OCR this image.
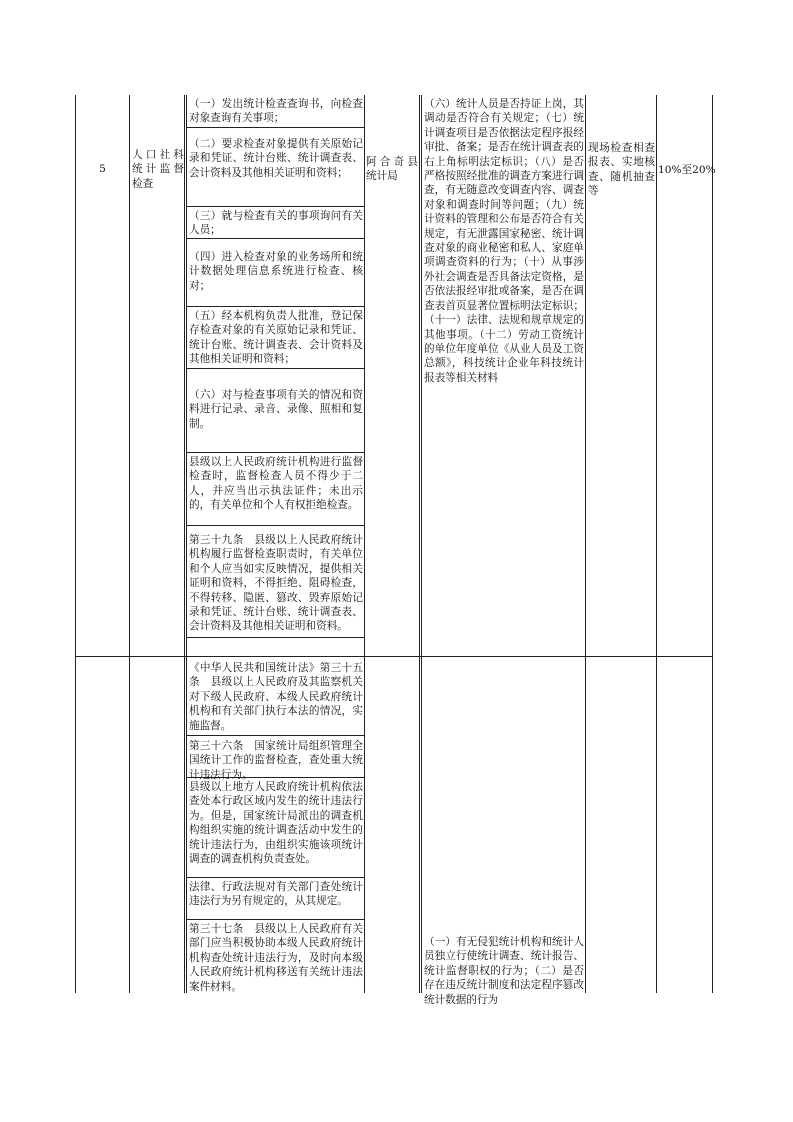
5
人口社科统计监督检查
（一）发出统计检查查询书，向检查对象查询有关事项；
（二）要求检查对象提供有关原始记录和凭证、统计台账、统计调查表、会计资料及其他相关证明和资料；
（三）就与检查有关的事项询问有关人员；
（四）进入检查对象的业务场所和统计数据处理信息系统进行检查、核对；
（五）经本机构负责人批准，登记保存检查对象的有关原始记录和凭证、统计台账、统计调查表、会计资料及其他相关证明和资料；
（六）对与检查事项有关的情况和资料进行记录、录音、录像、照相和复制。
县级以上人民政府统计机构进行监督检查时，监督检查人员不得少于二人，并应当出示执法证件；未出示的，有关单位和个人有权拒绝检查。
第三十九条　县级以上人民政府统计机构履行监督检查职责时，有关单位和个人应当如实反映情况，提供相关证明和资料，不得拒绝、阻碍检查，不得转移、隐匿、篡改、毁弃原始记录和凭证、统计台账、统计调查表、会计资料及其他相关证明和资料。
阿合奇县统计局
（六）统计人员是否持证上岗，其调动是否符合有关规定；（七）统计调查项目是否依据法定程序报经审批、备案；是否在统计调查表的右上角标明法定标识；（八）是否严格按照经批准的调查方案进行调查，有无随意改变调查内容、调查对象和调查时间等问题；（九）统计资料的管理和公布是否符合有关规定，有无泄露国家秘密、统计调查对象的商业秘密和私人、家庭单项调查资料的行为；（十）从事涉外社会调查是否具备法定资格，是否依法报经审批或备案，是否在调查表首页显著位置标明法定标识；（十一）法律、法规和规章规定的其他事项。（十二）劳动工资统计的单位年度单位《从业人员及工资总额》，科技统计企业年科技统计报表等相关材料
现场检查相查报表、实地核查、随机抽查等
10%至20%
《中华人民共和国统计法》第三十五条　县级以上人民政府及其监察机关对下级人民政府、本级人民政府统计机构和有关部门执行本法的情况，实施监督。
第三十六条　国家统计局组织管理全国统计工作的监督检查，查处重大统计违法行为。
县级以上地方人民政府统计机构依法查处本行政区域内发生的统计违法行为。但是，国家统计局派出的调查机构组织实施的统计调查活动中发生的统计违法行为，由组织实施该项统计调查的调查机构负责查处。
法律、行政法规对有关部门查处统计违法行为另有规定的，从其规定。
第三十七条　县级以上人民政府有关部门应当积极协助本级人民政府统计机构查处统计违法行为，及时向本级人民政府统计机构移送有关统计违法案件材料。
（一）有无侵犯统计机构和统计人员独立行使统计调查、统计报告、统计监督职权的行为；（二）是否存在违反统计制度和法定程序篡改统计数据的行为
